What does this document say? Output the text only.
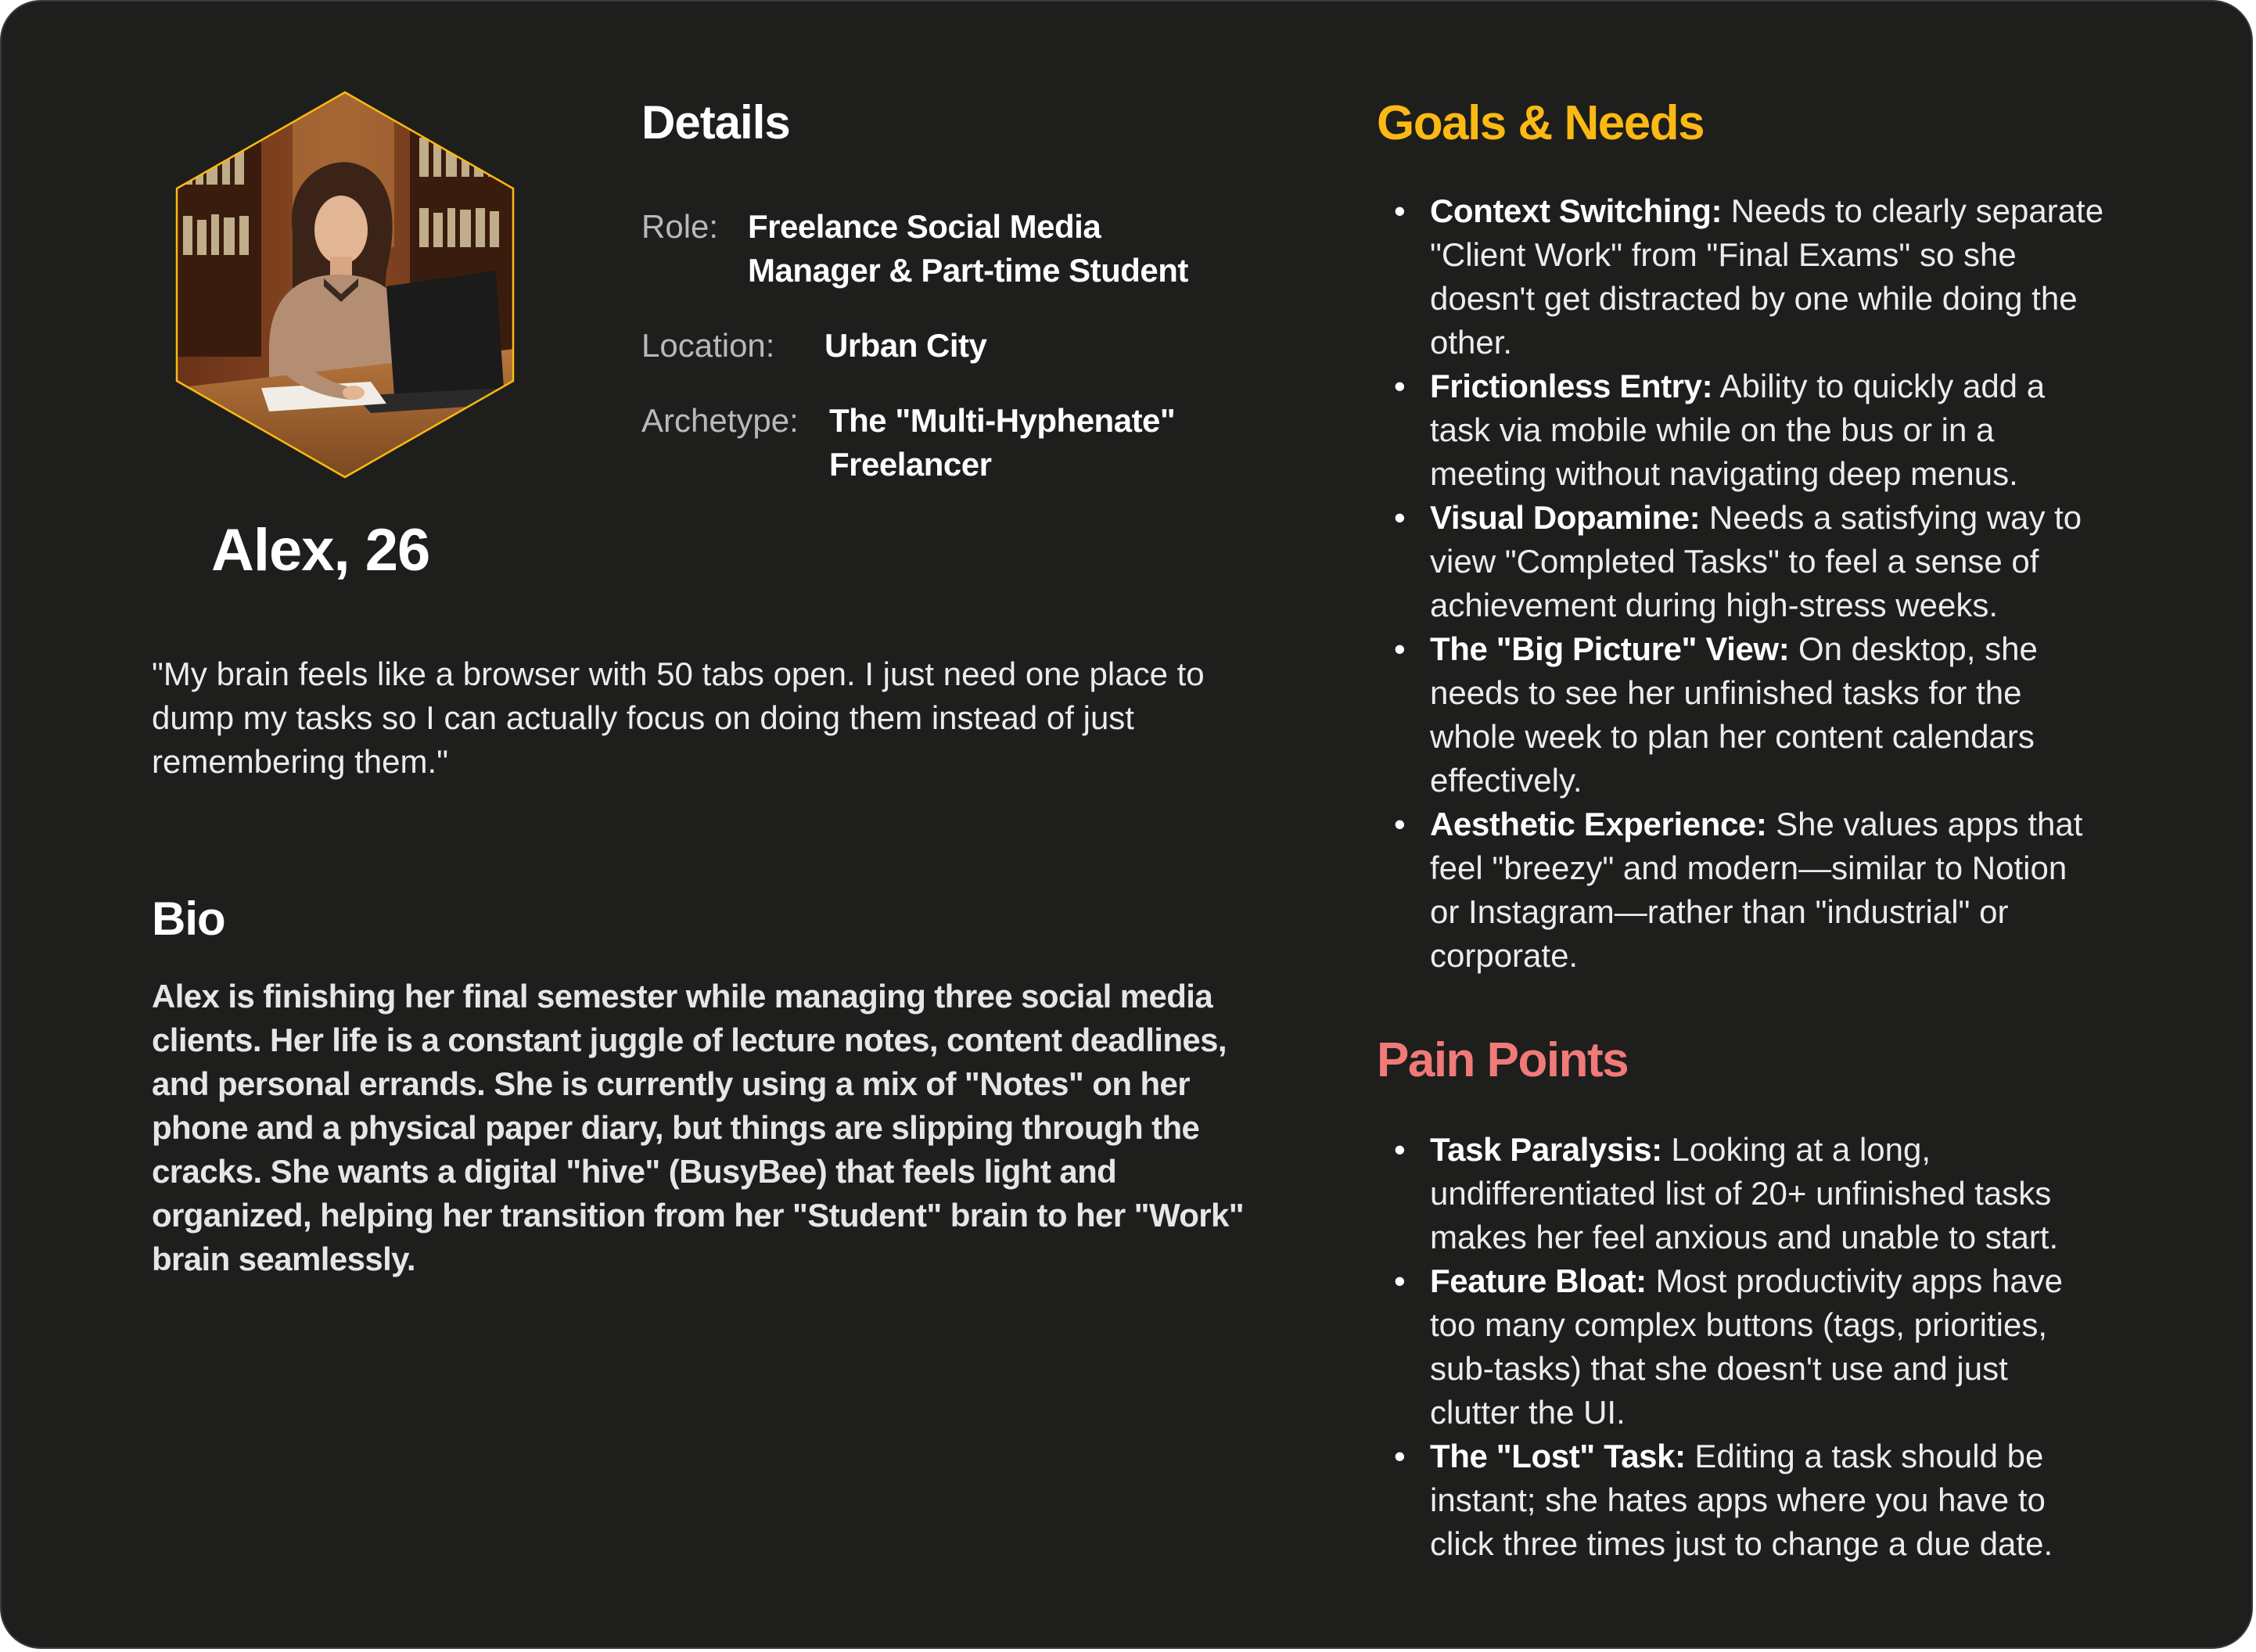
Alex, 26
Details
Role: Freelance Social Media
Manager & Part-time Student
Location: Urban City
Archetype: The "Multi-Hyphenate"
Freelancer
"My brain feels like a browser with 50 tabs open. I just need one place to dump my tasks so I can actually focus on doing them instead of just remembering them."
Bio
Alex is finishing her final semester while managing three social media clients. Her life is a constant juggle of lecture notes, content deadlines, and personal errands. She is currently using a mix of "Notes" on her phone and a physical paper diary, but things are slipping through the cracks. She wants a digital "hive" (BusyBee) that feels light and organized, helping her transition from her "Student" brain to her "Work" brain seamlessly.
Goals & Needs
• Context Switching: Needs to clearly separate "Client Work" from "Final Exams" so she doesn't get distracted by one while doing the other.
• Frictionless Entry: Ability to quickly add a task via mobile while on the bus or in a meeting without navigating deep menus.
• Visual Dopamine: Needs a satisfying way to view "Completed Tasks" to feel a sense of achievement during high-stress weeks.
• The "Big Picture" View: On desktop, she needs to see her unfinished tasks for the whole week to plan her content calendars effectively.
• Aesthetic Experience: She values apps that feel "breezy" and modern—similar to Notion or Instagram—rather than "industrial" or corporate.
Pain Points
• Task Paralysis: Looking at a long, undifferentiated list of 20+ unfinished tasks makes her feel anxious and unable to start.
• Feature Bloat: Most productivity apps have too many complex buttons (tags, priorities, sub-tasks) that she doesn't use and just clutter the UI.
• The "Lost" Task: Editing a task should be instant; she hates apps where you have to click three times just to change a due date.
